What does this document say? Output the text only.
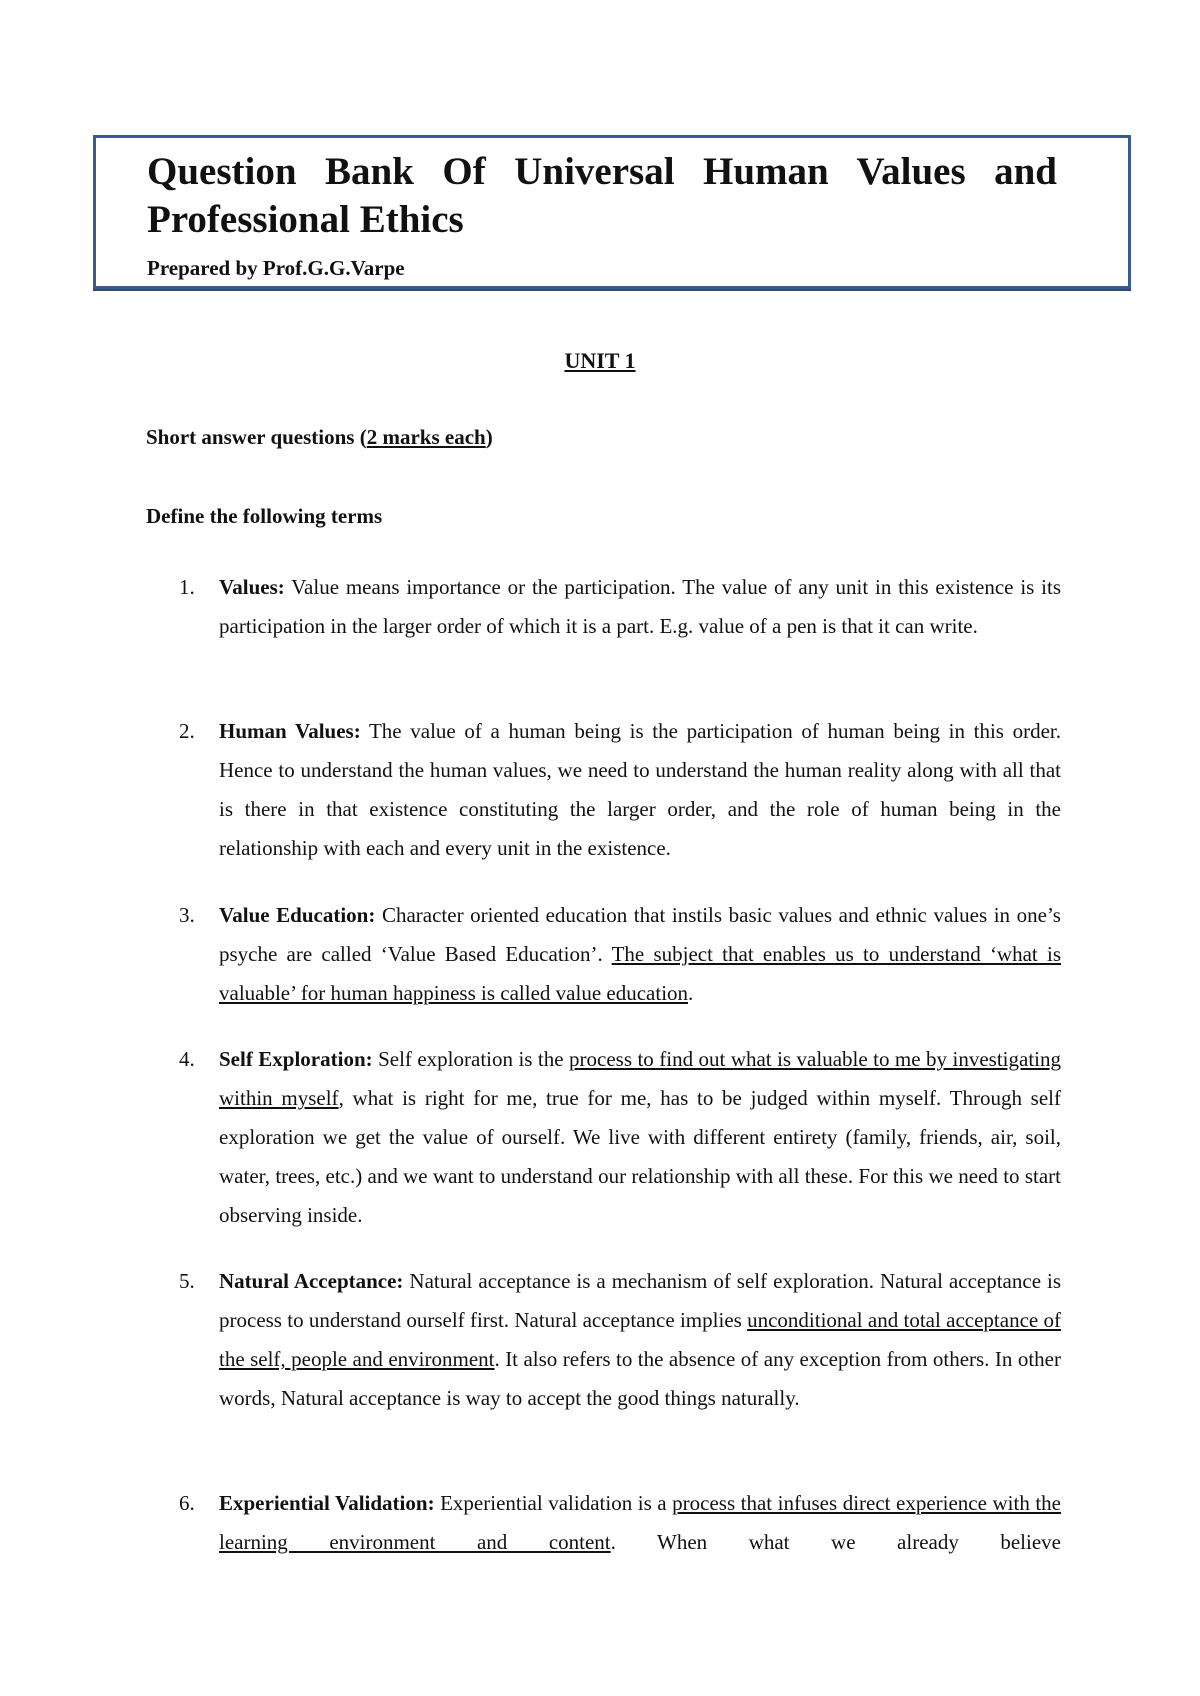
Question Bank Of Universal Human Values and
Professional Ethics
Prepared by Prof.G.G.Varpe
UNIT 1
Short answer questions (2 marks each)
Define the following terms
1. Values: Value means importance or the participation. The value of any unit in this existence is its participation in the larger order of which it is a part. E.g. value of a pen is that it can write.
2. Human Values: The value of a human being is the participation of human being in this order. Hence to understand the human values, we need to understand the human reality along with all that is there in that existence constituting the larger order, and the role of human being in the relationship with each and every unit in the existence.
3. Value Education: Character oriented education that instils basic values and ethnic values in one’s psyche are called ‘Value Based Education’. The subject that enables us to understand ‘what is valuable’ for human happiness is called value education.
4. Self Exploration: Self exploration is the process to find out what is valuable to me by investigating within myself, what is right for me, true for me, has to be judged within myself. Through self exploration we get the value of ourself. We live with different entirety (family, friends, air, soil, water, trees, etc.) and we want to understand our relationship with all these. For this we need to start observing inside.
5. Natural Acceptance: Natural acceptance is a mechanism of self exploration. Natural acceptance is process to understand ourself first. Natural acceptance implies unconditional and total acceptance of the self, people and environment. It also refers to the absence of any exception from others. In other words, Natural acceptance is way to accept the good things naturally.
6. Experiential Validation: Experiential validation is a process that infuses direct experience with the learning environment and content. When what we already believe
